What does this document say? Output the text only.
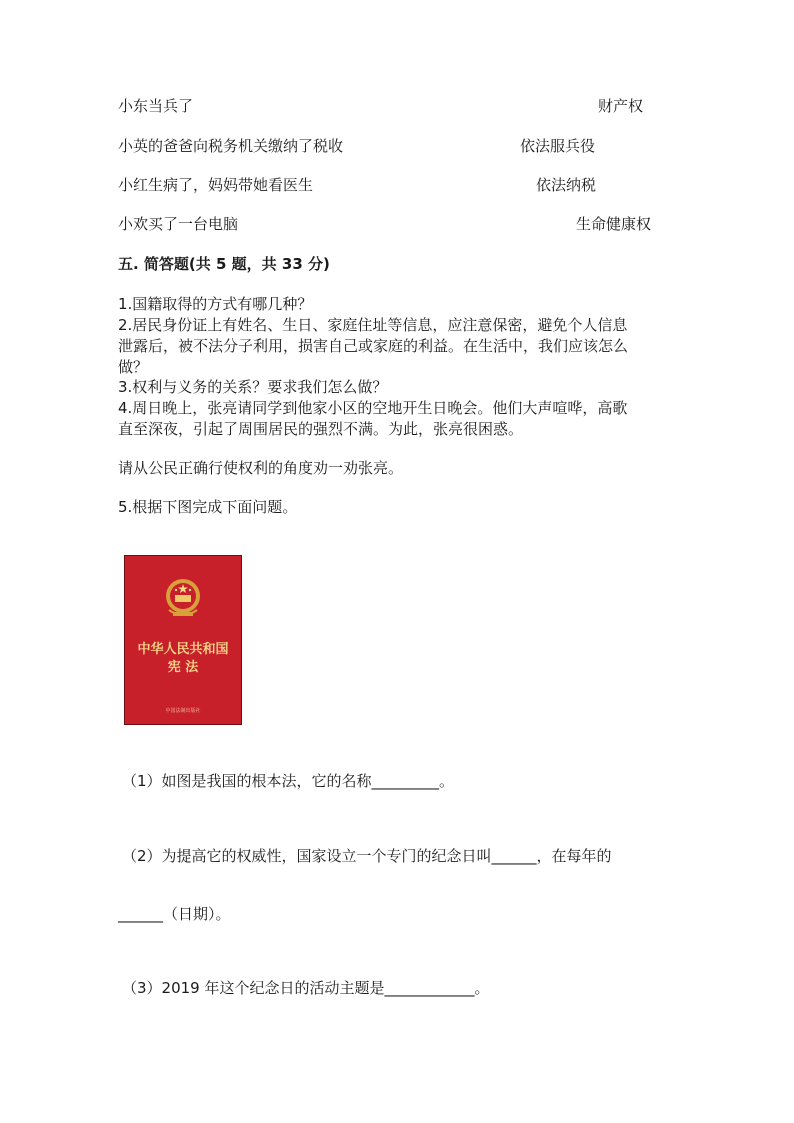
小东当兵了	财产权
小英的爸爸向税务机关缴纳了税收	依法服兵役
小红生病了，妈妈带她看医生	依法纳税
小欢买了一台电脑	生命健康权
五. 简答题(共 5 题，共 33 分)
1.国籍取得的方式有哪几种？
2.居民身份证上有姓名、生日、家庭住址等信息，应注意保密，避免个人信息
泄露后，被不法分子利用，损害自己或家庭的利益。在生活中，我们应该怎么
做？
3.权利与义务的关系？要求我们怎么做？
4.周日晚上，张亮请同学到他家小区的空地开生日晚会。他们大声喧哗，高歌
直至深夜，引起了周围居民的强烈不满。为此，张亮很困惑。
请从公民正确行使权利的角度劝一劝张亮。
5.根据下图完成下面问题。
中华人民共和国
宪 法
中国法制出版社
（1）如图是我国的根本法，它的名称_________。
（2）为提高它的权威性，国家设立一个专门的纪念日叫______，在每年的
______（日期）。
（3）2019 年这个纪念日的活动主题是____________。
